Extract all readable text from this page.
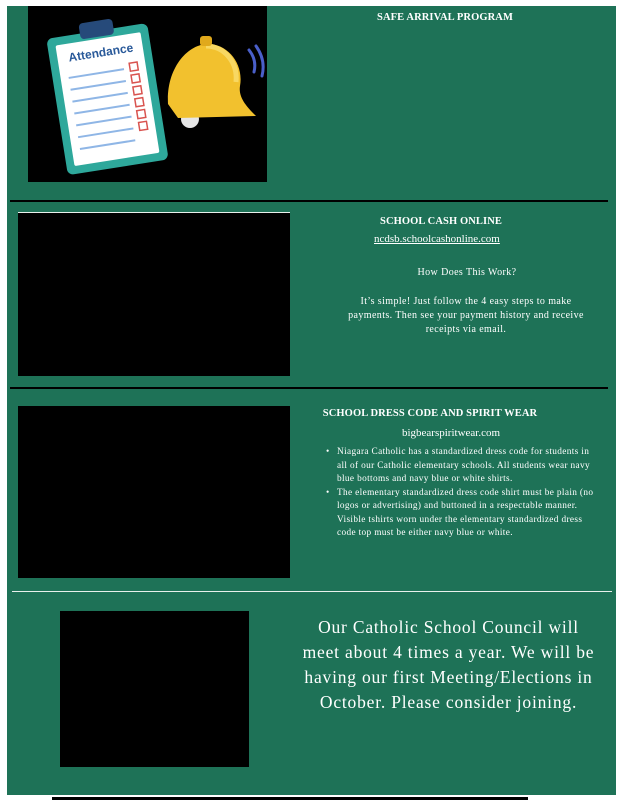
Attendance
SAFE ARRIVAL PROGRAM
SCHOOL CASH ONLINE
ncdsb.schoolcashonline.com
How Does This Work?
It’s simple! Just follow the 4 easy steps to make payments. Then see your payment history and receive receipts via email.
SCHOOL DRESS CODE AND SPIRIT WEAR
bigbearspiritwear.com
• Niagara Catholic has a standardized dress code for students in all of our Catholic elementary schools. All students wear navy blue bottoms and navy blue or white shirts.
• The elementary standardized dress code shirt must be plain (no logos or advertising) and buttoned in a respectable manner. Visible tshirts worn under the elementary standardized dress code top must be either navy blue or white.
Our Catholic School Council will meet about 4 times a year. We will be having our first Meeting/Elections in October. Please consider joining.
